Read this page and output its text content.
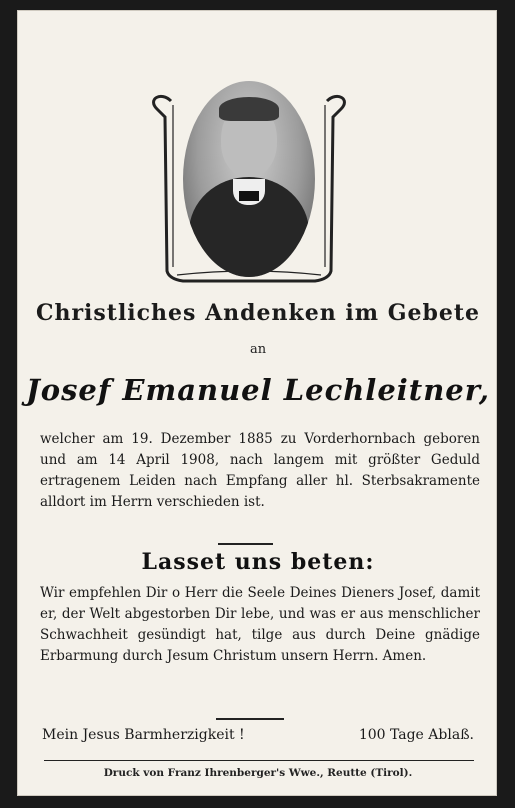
Christliches Andenken im Gebete
an
Josef Emanuel Lechleitner,
welcher am 19. Dezember 1885 zu Vorderhornbach geboren und am 14 April 1908, nach langem mit größter Geduld ertragenem Leiden nach Empfang aller hl. Sterbsakramente alldort im Herrn verschieden ist.
Lasset uns beten:
Wir empfehlen Dir o Herr die Seele Deines Dieners Josef, damit er, der Welt abgestorben Dir lebe, und was er aus menschlicher Schwachheit gesündigt hat, tilge aus durch Deine gnädige Erbarmung durch Jesum Christum unsern Herrn. Amen.
Mein Jesus Barmherzigkeit !	100 Tage Ablaß.
Druck von Franz Ihrenberger's Wwe., Reutte (Tirol).
